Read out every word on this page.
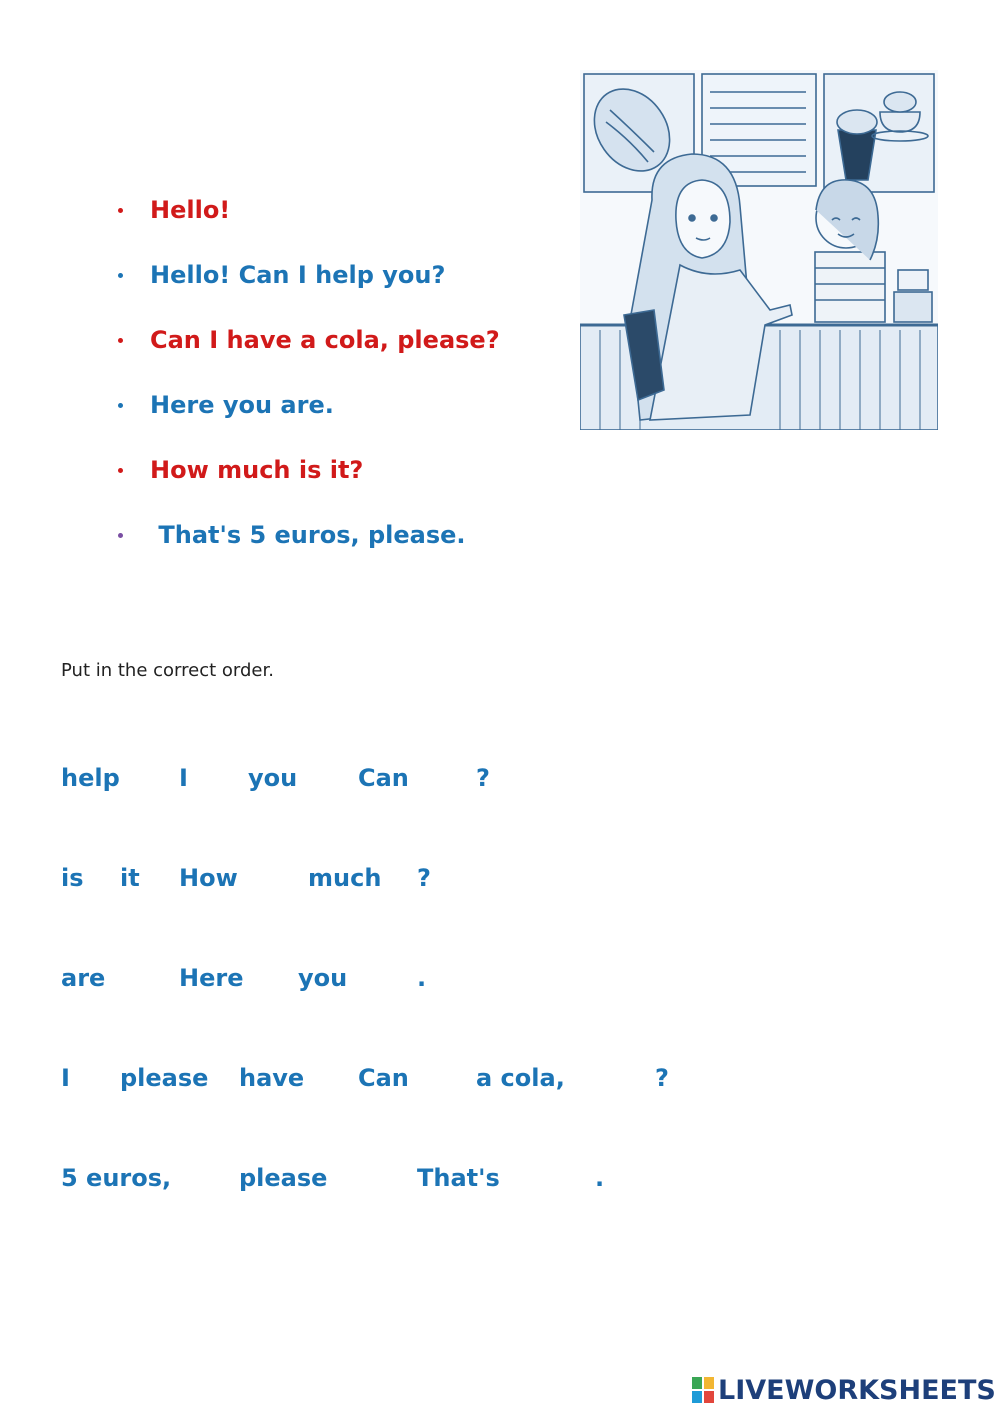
Hello!
Hello! Can I help you?
Can I have a cola, please?
Here you are.
How much is it?
That's 5 euros, please.
Put in the correct order.
help I	you	Can	?
is it How	much ?
are	Here you	.
I please have Can	a cola,	?
5 euros,	please	That's	.
LIVEWORKSHEETS
